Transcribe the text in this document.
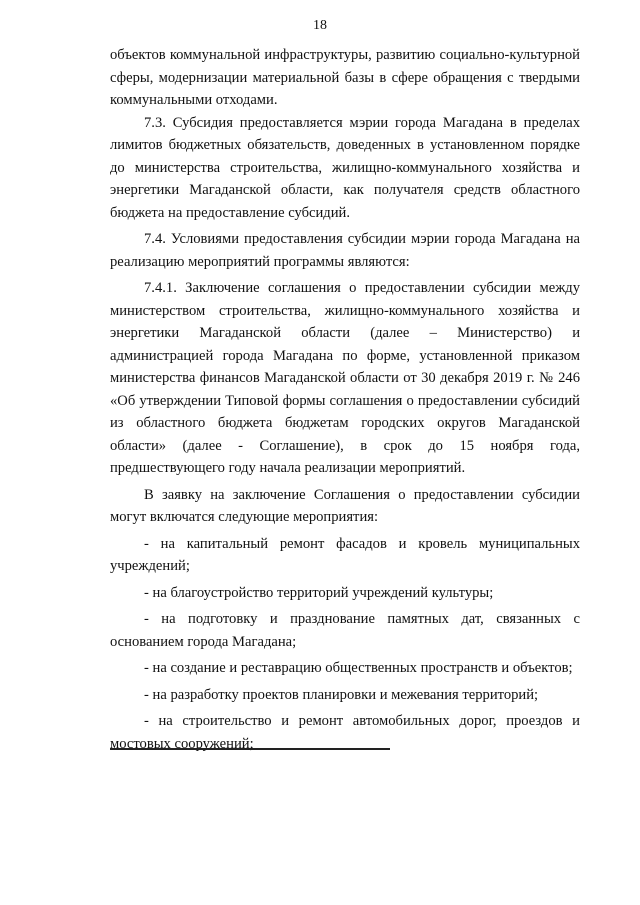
18

объектов коммунальной инфраструктуры, развитию социально-культурной сферы, модернизации материальной базы в сфере обращения с твердыми коммунальными отходами.

7.3. Субсидия предоставляется мэрии города Магадана в пределах лимитов бюджетных обязательств, доведенных в установленном порядке до министерства строительства, жилищно-коммунального хозяйства и энергетики Магаданской области, как получателя средств областного бюджета на предоставление субсидий.

7.4. Условиями предоставления субсидии мэрии города Магадана на реализацию мероприятий программы являются:

7.4.1. Заключение соглашения о предоставлении субсидии между министерством строительства, жилищно-коммунального хозяйства и энергетики Магаданской области (далее – Министерство) и администрацией города Магадана по форме, установленной приказом министерства финансов Магаданской области от 30 декабря 2019 г. № 246 «Об утверждении Типовой формы соглашения о предоставлении субсидий из областного бюджета бюджетам городских округов Магаданской области» (далее - Соглашение), в срок до 15 ноября года, предшествующего году начала реализации мероприятий.

В заявку на заключение Соглашения о предоставлении субсидии могут включатся следующие мероприятия:

- на капитальный ремонт фасадов и кровель муниципальных учреждений;

- на благоустройство территорий учреждений культуры;

- на подготовку и празднование памятных дат, связанных с основанием города Магадана;

- на создание и реставрацию общественных пространств и объектов;

- на разработку проектов планировки и межевания территорий;

- на строительство и ремонт автомобильных дорог, проездов и мостовых сооружений;
